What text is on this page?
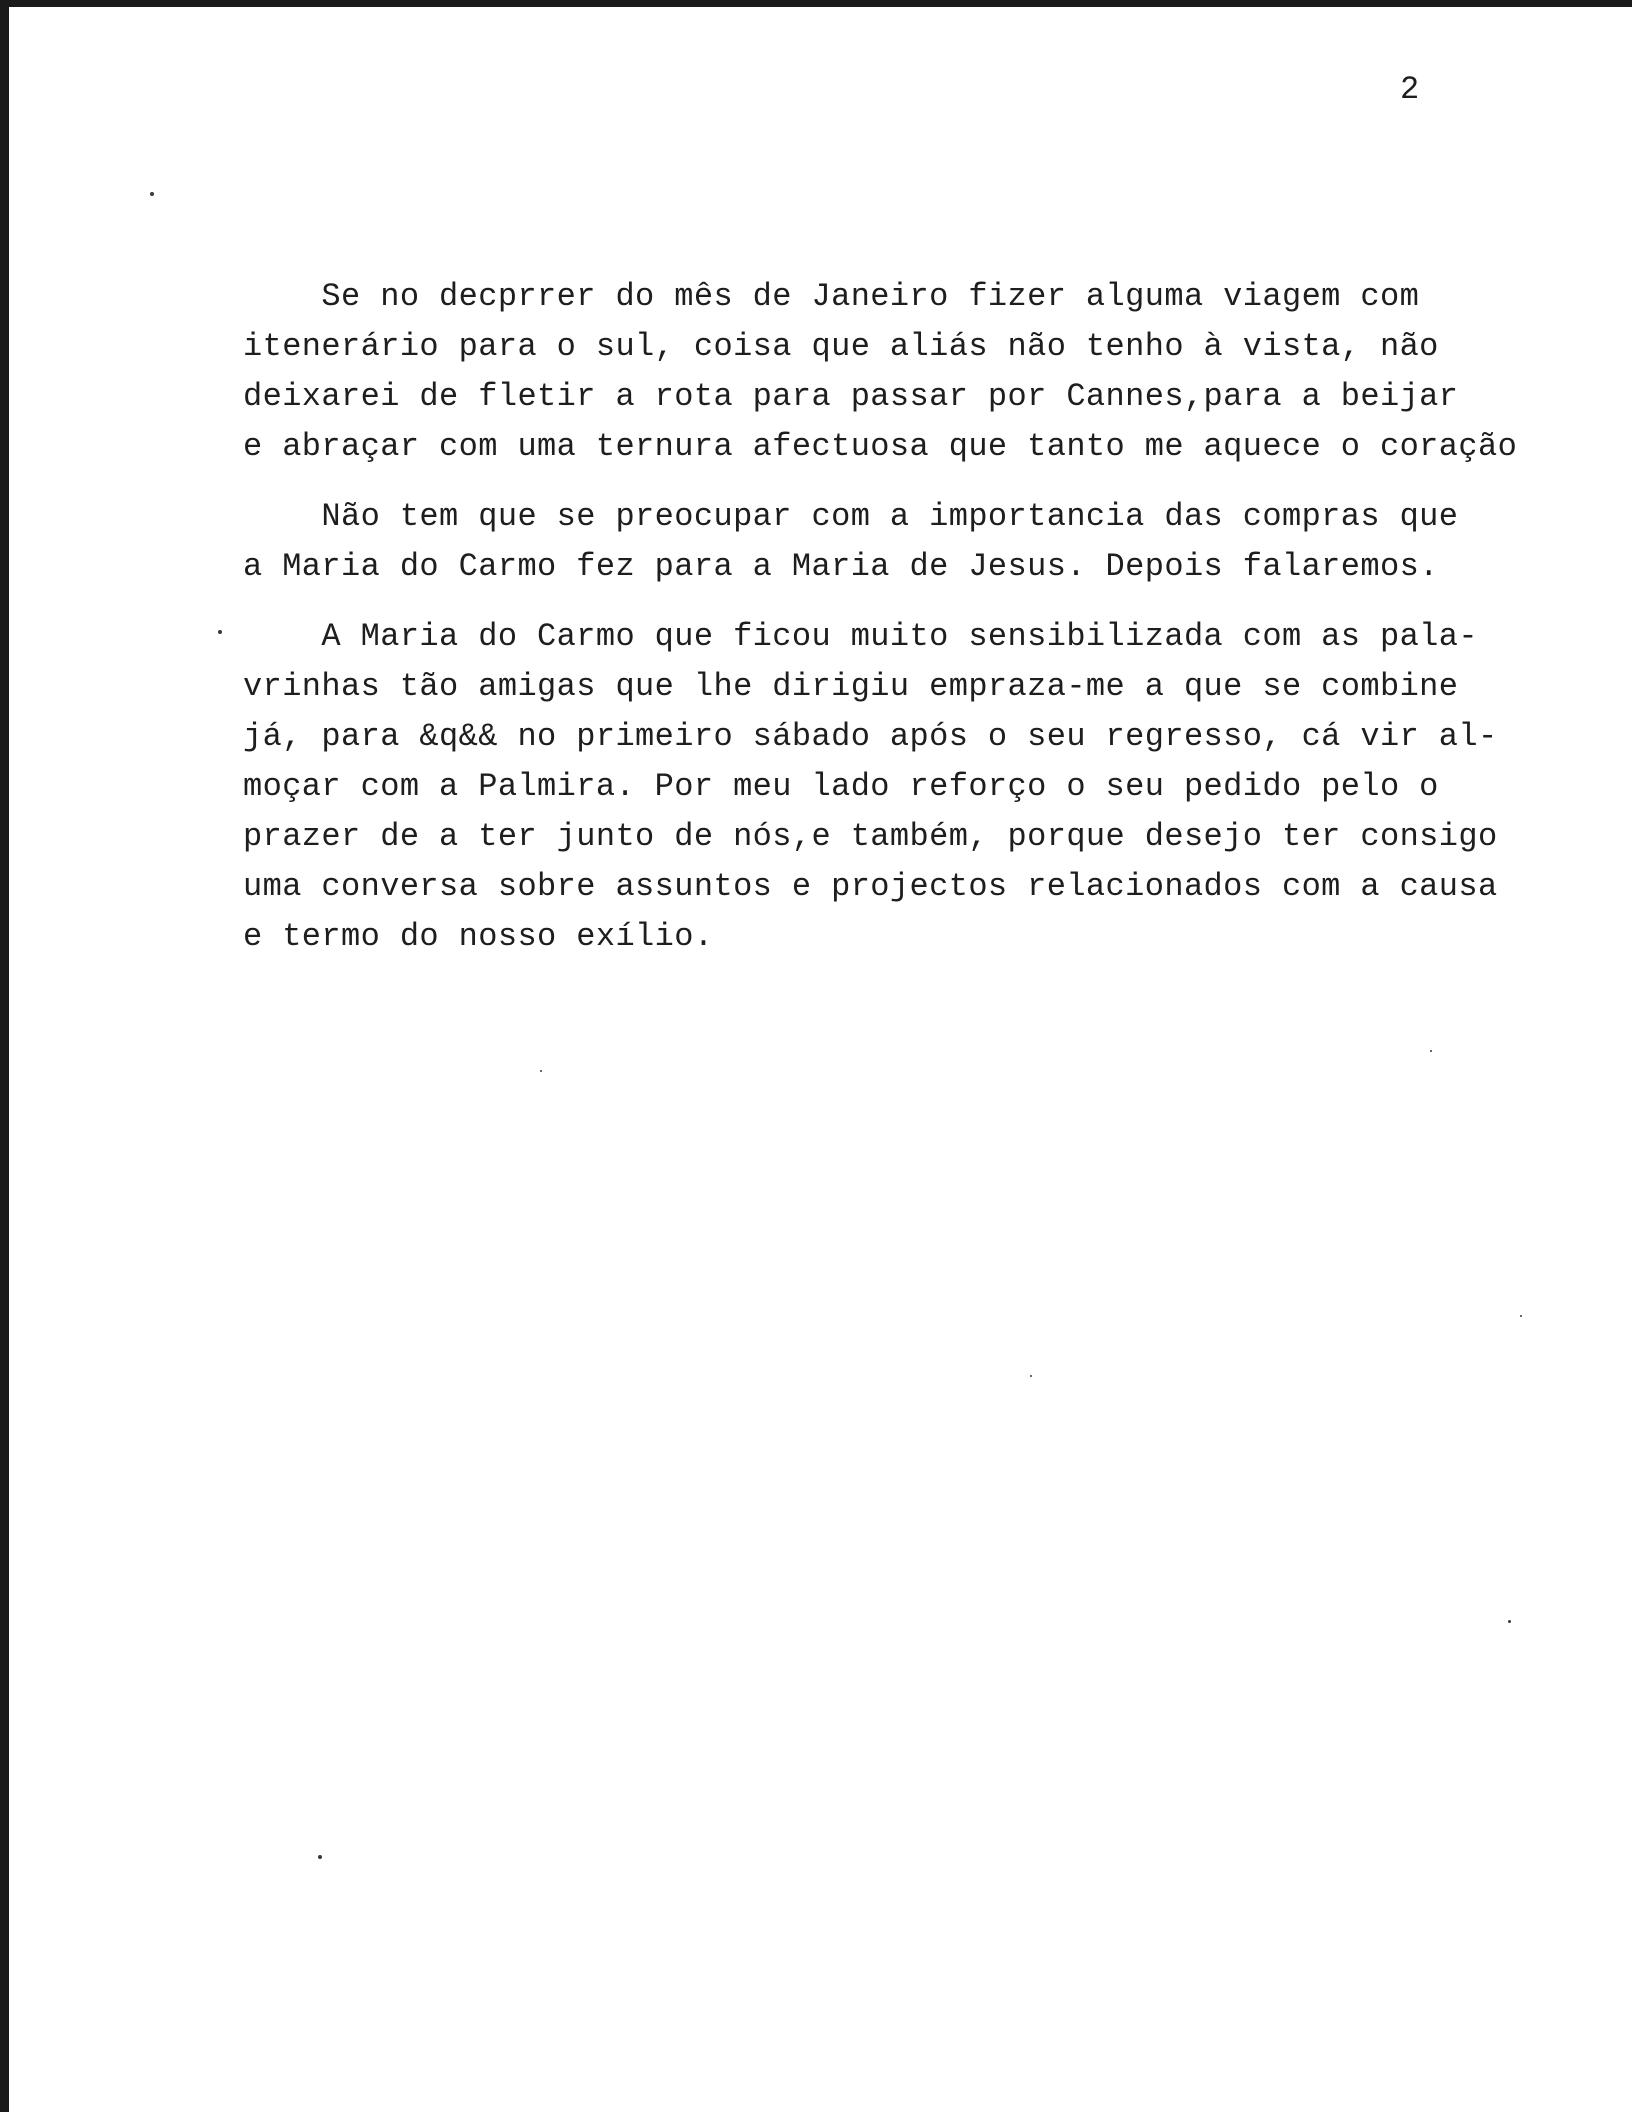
2
Se no decprrer do mês de Janeiro fizer alguma viagem com
itenerário para o sul, coisa que aliás não tenho à vista, não
deixarei de fletir a rota para passar por Cannes,para a beijar
e abraçar com uma ternura afectuosa que tanto me aquece o coração
Não tem que se preocupar com a importancia das compras que
a Maria do Carmo fez para a Maria de Jesus. Depois falaremos.
A Maria do Carmo que ficou muito sensibilizada com as pala-
vrinhas tão amigas que lhe dirigiu empraza-me a que se combine
já, para &q&& no primeiro sábado após o seu regresso, cá vir al-
moçar com a Palmira. Por meu lado reforço o seu pedido pelo o
prazer de a ter junto de nós,e também, porque desejo ter consigo
uma conversa sobre assuntos e projectos relacionados com a causa
e termo do nosso exílio.
